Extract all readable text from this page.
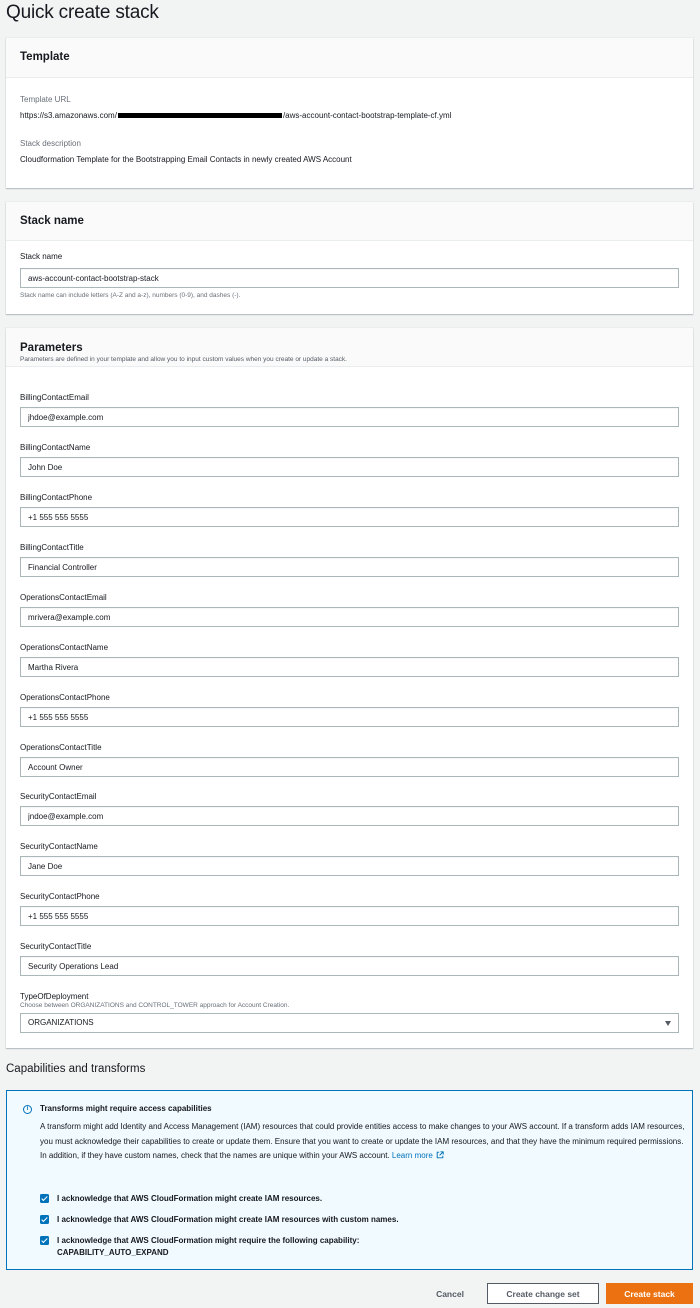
Quick create stack
Template
Template URL
https://s3.amazonaws.com/	/aws-account-contact-bootstrap-template-cf.yml
Stack description
Cloudformation Template for the Bootstrapping Email Contacts in newly created AWS Account
Stack name
Stack name
aws-account-contact-bootstrap-stack
Stack name can include letters (A-Z and a-z), numbers (0-9), and dashes (-).
Parameters
Parameters are defined in your template and allow you to input custom values when you create or update a stack.
BillingContactEmail
jhdoe@example.com
BillingContactName
John Doe
BillingContactPhone
+1 555 555 5555
BillingContactTitle
Financial Controller
OperationsContactEmail
mrivera@example.com
OperationsContactName
Martha Rivera
OperationsContactPhone
+1 555 555 5555
OperationsContactTitle
Account Owner
SecurityContactEmail
jndoe@example.com
SecurityContactName
Jane Doe
SecurityContactPhone
+1 555 555 5555
SecurityContactTitle
Security Operations Lead
TypeOfDeployment
Choose between ORGANIZATIONS and CONTROL_TOWER approach for Account Creation.
ORGANIZATIONS
Capabilities and transforms
i	Transforms might require access capabilities
A transform might add Identity and Access Management (IAM) resources that could provide entities access to make changes to your AWS account. If a transform adds IAM resources, you must acknowledge their capabilities to create or update them. Ensure that you want to create or update the IAM resources, and that they have the minimum required permissions. In addition, if they have custom names, check that the names are unique within your AWS account. Learn more
I acknowledge that AWS CloudFormation might create IAM resources.
I acknowledge that AWS CloudFormation might create IAM resources with custom names.
I acknowledge that AWS CloudFormation might require the following capability:
CAPABILITY_AUTO_EXPAND
Cancel	Create change set	Create stack
